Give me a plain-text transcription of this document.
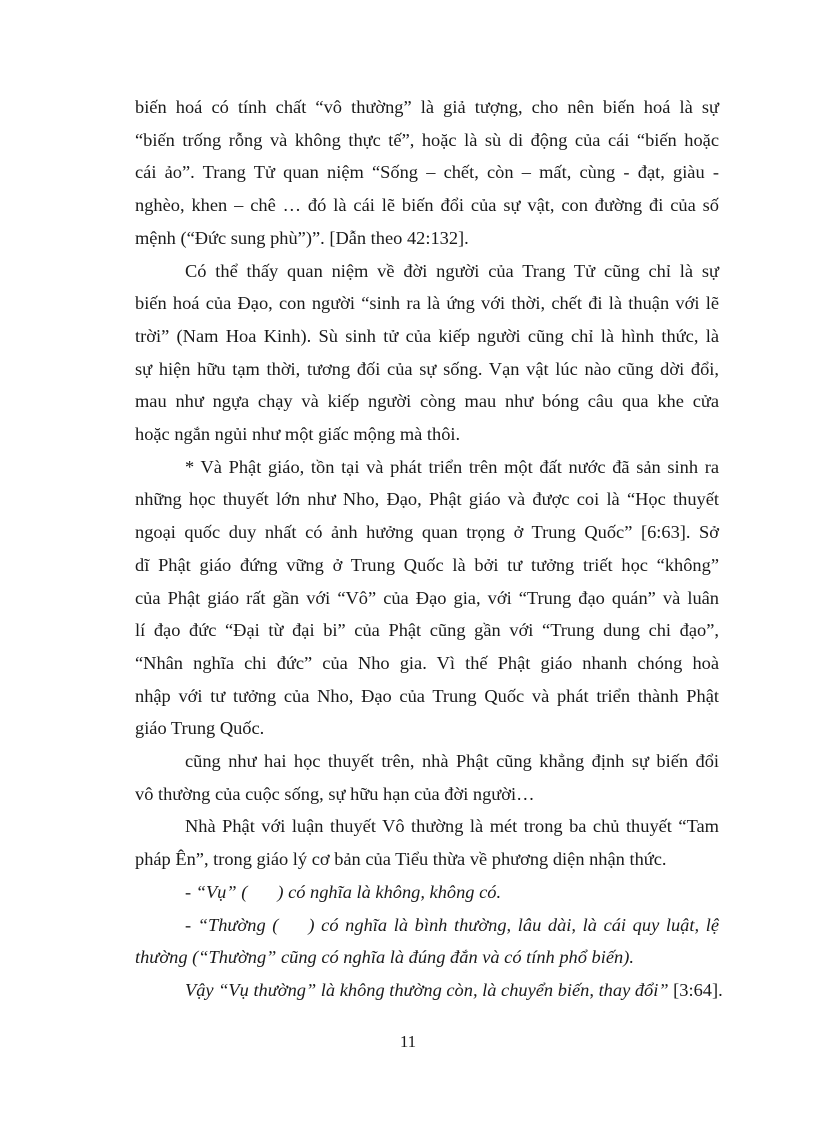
biến hoá có tính chất “vô thường” là giả tượng, cho nên biến hoá là sự
“biến trống rỗng và không thực tế”, hoặc là sù di động của cái “biến hoặc
cái ảo”. Trang Tử quan niệm “Sống – chết, còn – mất, cùng - đạt, giàu -
nghèo, khen – chê … đó là cái lẽ biến đổi của sự vật, con đường đi của số
mệnh (“Đức sung phù”)”. [Dẫn theo 42:132].

Có thể thấy quan niệm về đời người của Trang Tử cũng chỉ là sự
biến hoá của Đạo, con người “sinh ra là ứng với thời, chết đi là thuận với lẽ
trời” (Nam Hoa Kinh). Sù sinh tử của kiếp người cũng chỉ là hình thức, là
sự hiện hữu tạm thời, tương đối của sự sống. Vạn vật lúc nào cũng dời đổi,
mau như ngựa chạy và kiếp người còng mau như bóng câu qua khe cửa
hoặc ngắn ngủi như một giấc mộng mà thôi.

* Và Phật giáo, tồn tại và phát triển trên một đất nước đã sản sinh ra
những học thuyết lớn như Nho, Đạo, Phật giáo và được coi là “Học thuyết
ngoại quốc duy nhất có ảnh hưởng quan trọng ở Trung Quốc” [6:63]. Sở
dĩ Phật giáo đứng vững ở Trung Quốc là bởi tư tưởng triết học “không”
của Phật giáo rất gần với “Vô” của Đạo gia, với “Trung đạo quán” và luân
lí đạo đức “Đại từ đại bi” của Phật cũng gần với “Trung dung chi đạo”,
“Nhân nghĩa chi đức” của Nho gia. Vì thế Phật giáo nhanh chóng hoà
nhập với tư tưởng của Nho, Đạo của Trung Quốc và phát triển thành Phật
giáo Trung Quốc.

cũng như hai học thuyết trên, nhà Phật cũng khẳng định sự biến đổi
vô thường của cuộc sống, sự hữu hạn của đời người…

Nhà Phật với luận thuyết Vô thường là mét trong ba chủ thuyết “Tam
pháp Ên”, trong giáo lý cơ bản của Tiểu thừa về phương diện nhận thức.

- “Vụ” ( ) có nghĩa là không, không có.

- “Thường ( ) có nghĩa là bình thường, lâu dài, là cái quy luật, lệ
thường (“Thường” cũng có nghĩa là đúng đắn và có tính phổ biến).

Vậy “Vụ thường” là không thường còn, là chuyển biến, thay đổi” [3:64].

11
